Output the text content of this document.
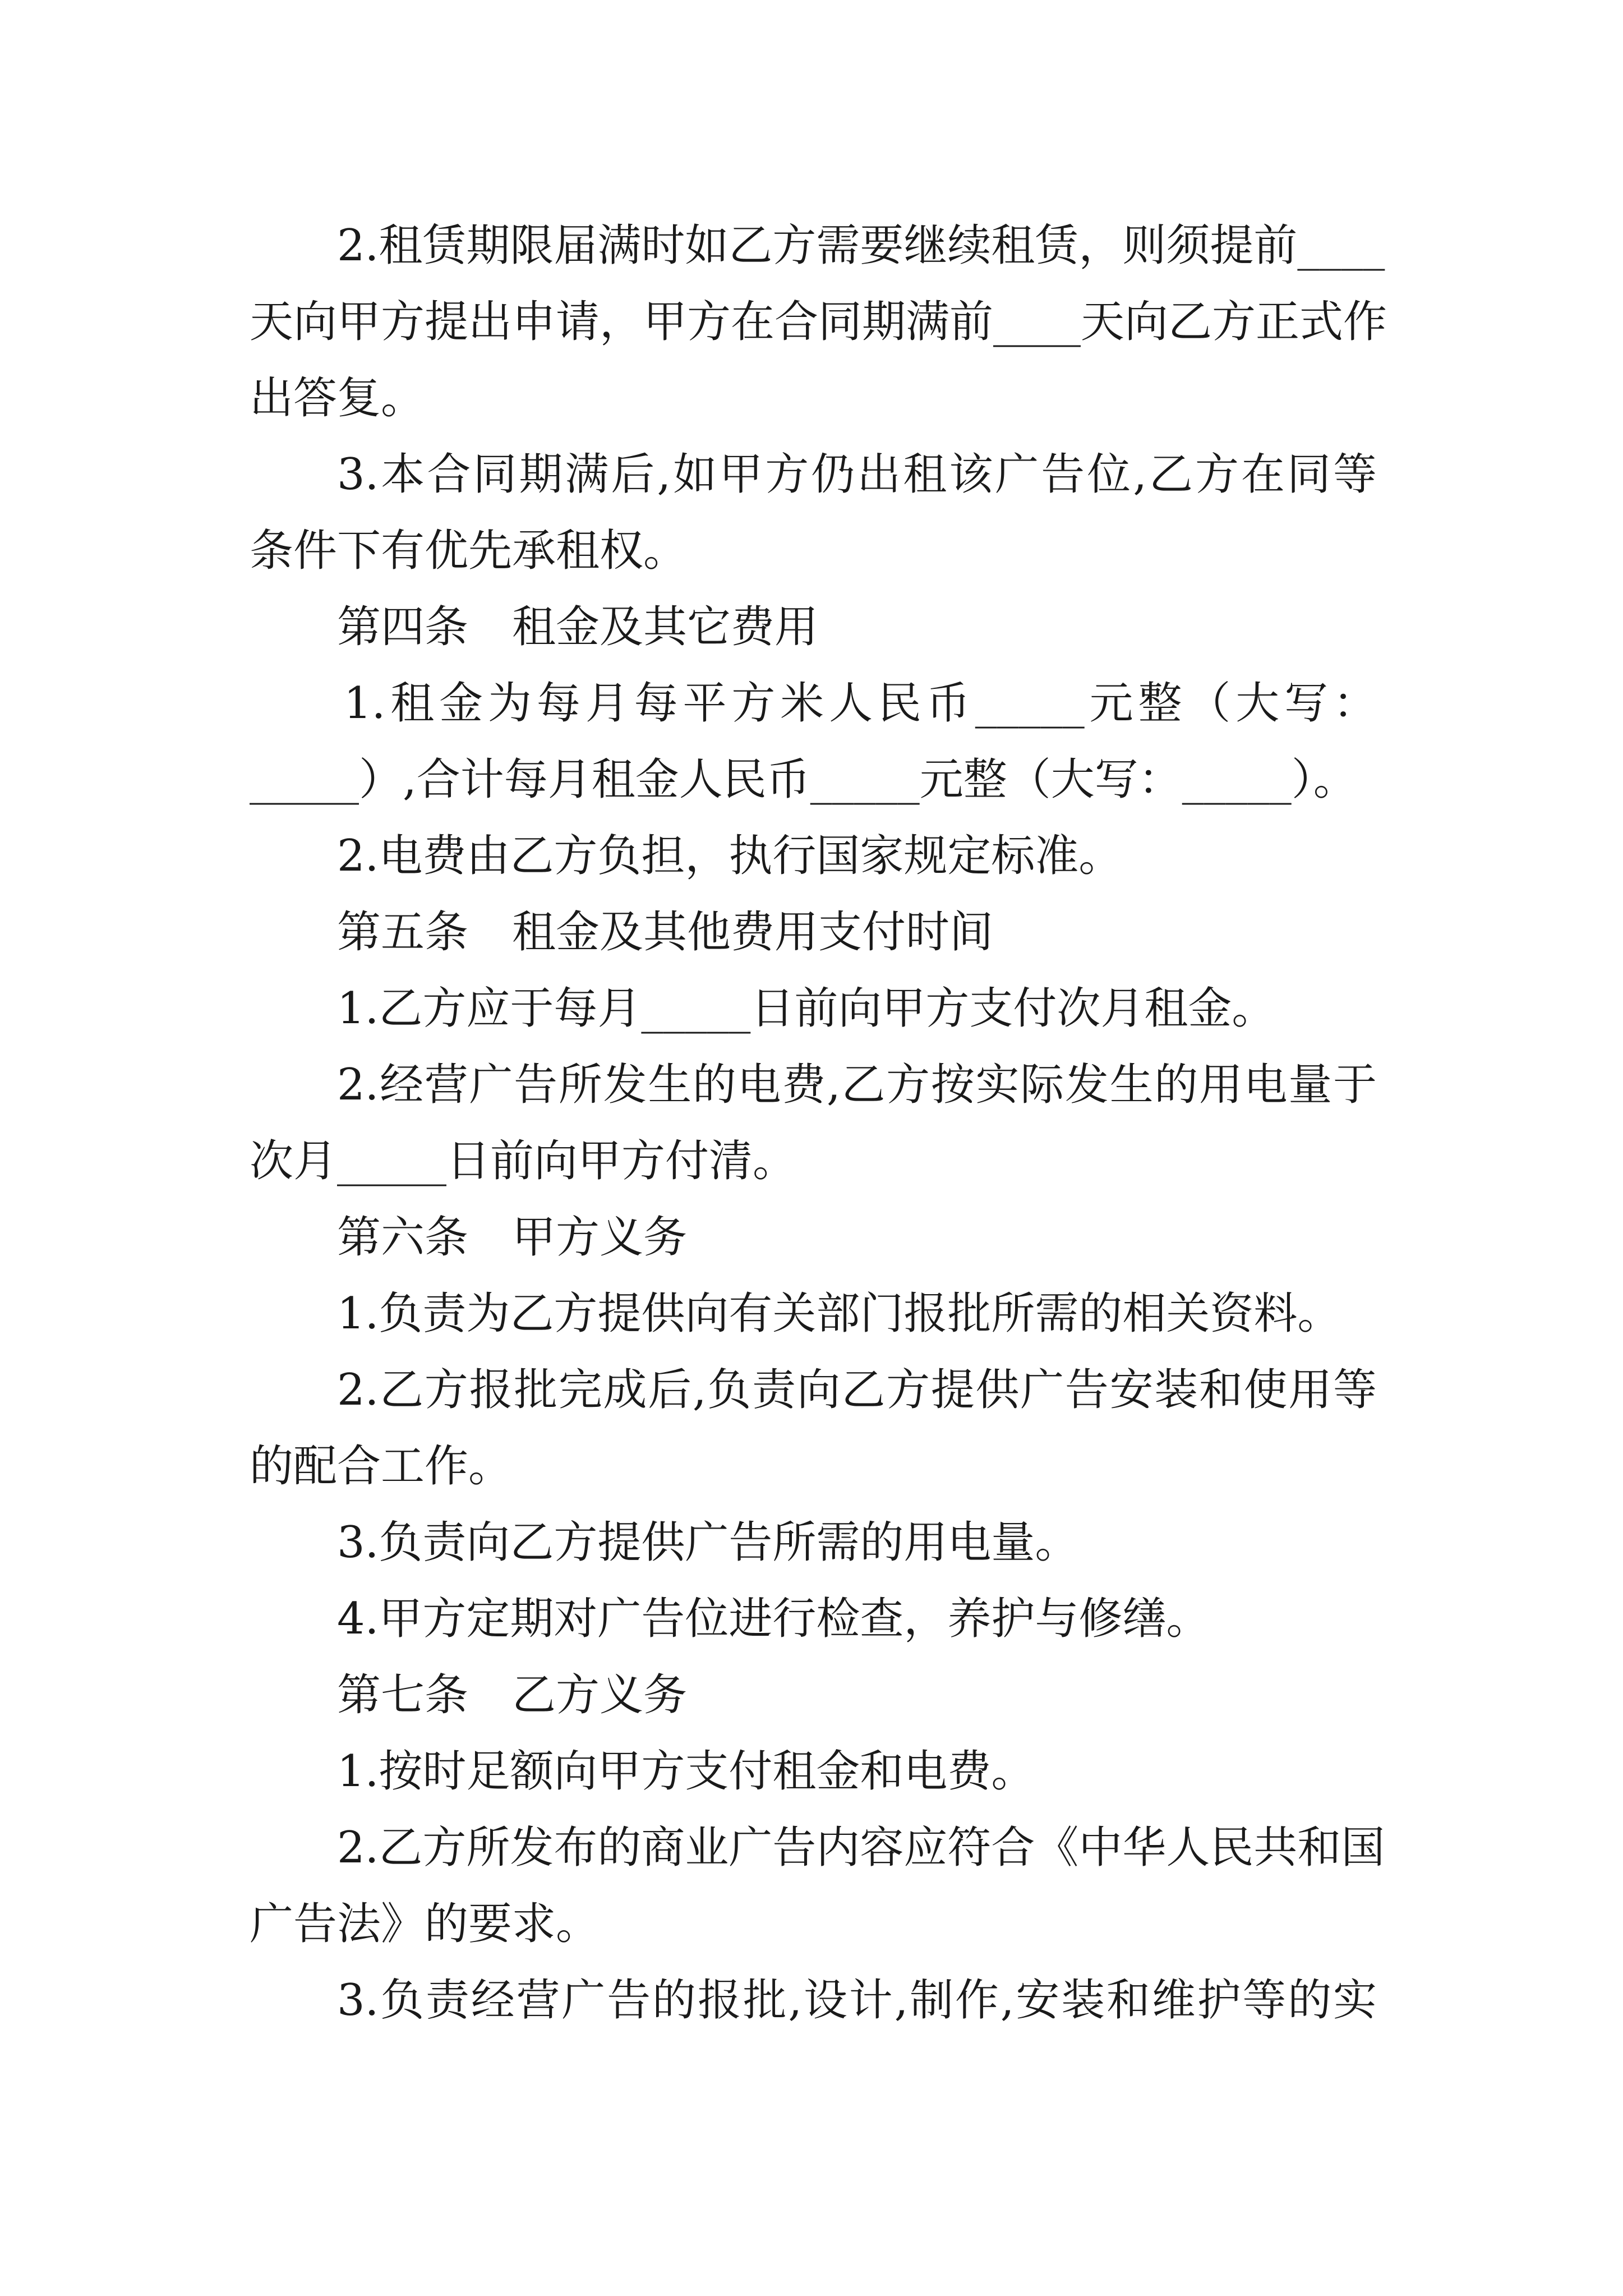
2.租赁期限届满时如乙方需要继续租赁，则须提前____
天向甲方提出申请，甲方在合同期满前____天向乙方正式作
出答复。
3.本合同期满后,如甲方仍出租该广告位,乙方在同等
条件下有优先承租权。
第四条　租金及其它费用
1.租金为每月每平方米人民币_____元整（大写：
_____）,合计每月租金人民币_____元整（大写：_____）。
2.电费由乙方负担，执行国家规定标准。
第五条　租金及其他费用支付时间
1.乙方应于每月_____日前向甲方支付次月租金。
2.经营广告所发生的电费,乙方按实际发生的用电量于
次月_____日前向甲方付清。
第六条　甲方义务
1.负责为乙方提供向有关部门报批所需的相关资料。
2.乙方报批完成后,负责向乙方提供广告安装和使用等
的配合工作。
3.负责向乙方提供广告所需的用电量。
4.甲方定期对广告位进行检查，养护与修缮。
第七条　乙方义务
1.按时足额向甲方支付租金和电费。
2.乙方所发布的商业广告内容应符合《中华人民共和国
广告法》的要求。
3.负责经营广告的报批,设计,制作,安装和维护等的实
